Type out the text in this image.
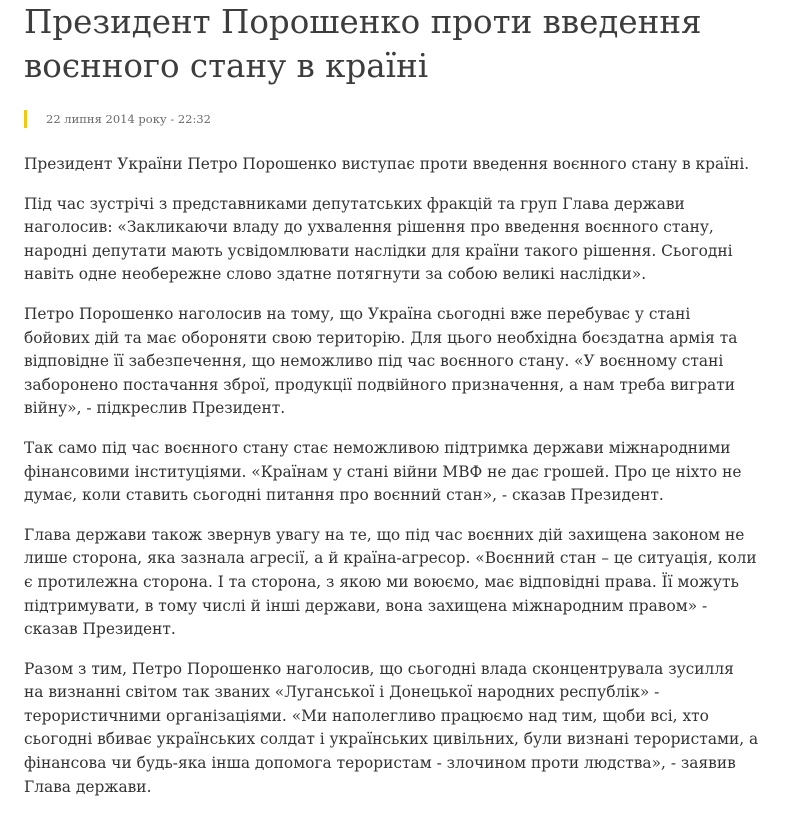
Президент Порошенко проти введення
воєнного стану в країні
22 липня 2014 року - 22:32

Президент України Петро Порошенко виступає проти введення воєнного стану в країні.

Під час зустрічі з представниками депутатських фракцій та груп Глава держави
наголосив: «Закликаючи владу до ухвалення рішення про введення воєнного стану,
народні депутати мають усвідомлювати наслідки для країни такого рішення. Сьогодні
навіть одне необережне слово здатне потягнути за собою великі наслідки».

Петро Порошенко наголосив на тому, що Україна сьогодні вже перебуває у стані
бойових дій та має обороняти свою територію. Для цього необхідна боєздатна армія та
відповідне її забезпечення, що неможливо під час воєнного стану. «У воєнному стані
заборонено постачання зброї, продукції подвійного призначення, а нам треба виграти
війну», - підкреслив Президент.

Так само під час воєнного стану стає неможливою підтримка держави міжнародними
фінансовими інституціями. «Країнам у стані війни МВФ не дає грошей. Про це ніхто не
думає, коли ставить сьогодні питання про воєнний стан», - сказав Президент.

Глава держави також звернув увагу на те, що під час воєнних дій захищена законом не
лише сторона, яка зазнала агресії, а й країна-агресор. «Воєнний стан – це ситуація, коли
є протилежна сторона. І та сторона, з якою ми воюємо, має відповідні права. Її можуть
підтримувати, в тому числі й інші держави, вона захищена міжнародним правом» -
сказав Президент.

Разом з тим, Петро Порошенко наголосив, що сьогодні влада сконцентрувала зусилля
на визнанні світом так званих «Луганської і Донецької народних республік» -
терористичними організаціями. «Ми наполегливо працюємо над тим, щоби всі, хто
сьогодні вбиває українських солдат і українських цивільних, були визнані терористами, а
фінансова чи будь-яка інша допомога терористам - злочином проти людства», - заявив
Глава держави.
